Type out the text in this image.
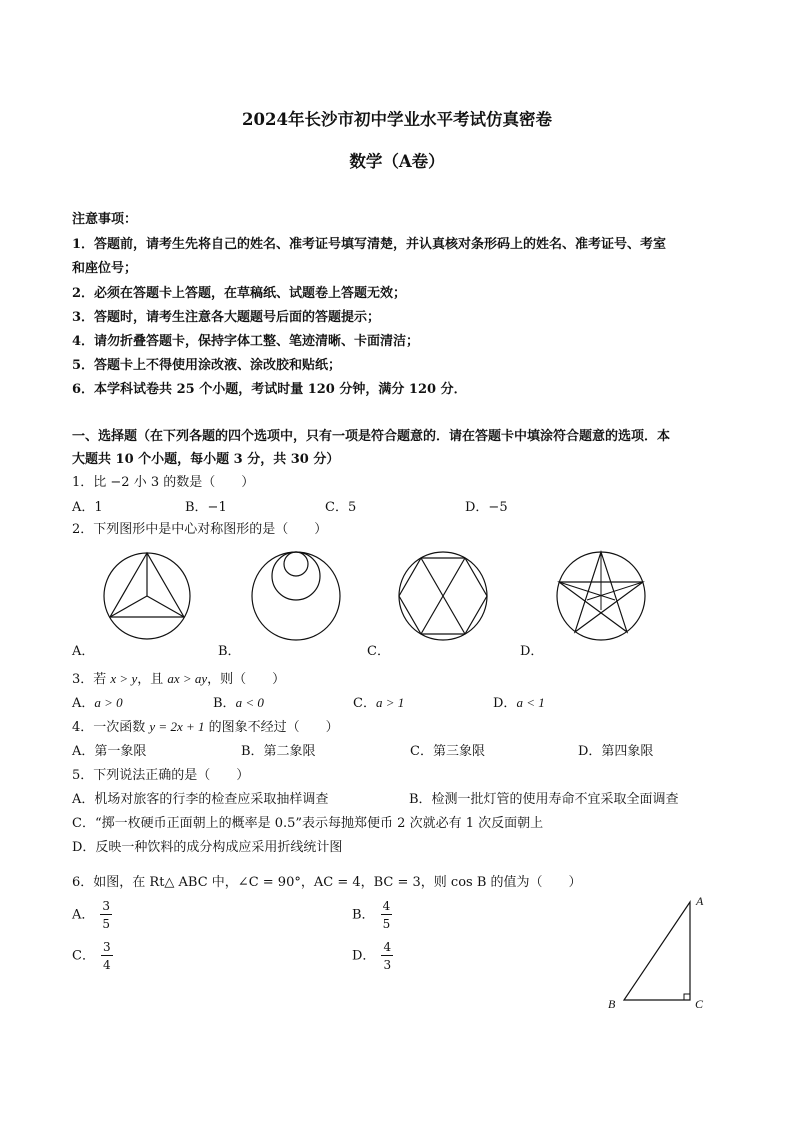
2024年长沙市初中学业水平考试仿真密卷
数学（A卷）
注意事项：
1．答题前，请考生先将自己的姓名、准考证号填写清楚，并认真核对条形码上的姓名、准考证号、考室
和座位号；
2．必须在答题卡上答题，在草稿纸、试题卷上答题无效；
3．答题时，请考生注意各大题题号后面的答题提示；
4．请勿折叠答题卡，保持字体工整、笔迹清晰、卡面清洁；
5．答题卡上不得使用涂改液、涂改胶和贴纸；
6．本学科试卷共 25 个小题，考试时量 120 分钟，满分 120 分．
一、选择题（在下列各题的四个选项中，只有一项是符合题意的．请在答题卡中填涂符合题意的选项．本
大题共 10 个小题，每小题 3 分，共 30 分）
1．比 −2 小 3 的数是（　　）
A．1	B．−1	C．5	D．−5
2．下列图形中是中心对称图形的是（　　）
A．	B．	C．	D．
3．若 x > y，且 ax > ay，则（　　）
A．a > 0	B．a < 0	C．a > 1	D．a < 1
4．一次函数 y = 2x + 1 的图象不经过（　　）
A．第一象限	B．第二象限	C．第三象限	D．第四象限
5．下列说法正确的是（　　）
A．机场对旅客的行李的检查应采取抽样调查	B．检测一批灯管的使用寿命不宜采取全面调查
C．“掷一枚硬币正面朝上的概率是 0.5”表示每抛郑便币 2 次就必有 1 次反面朝上
D．反映一种饮料的成分构成应采用折线统计图
6．如图，在 Rt△ ABC 中，∠C = 90°，AC = 4，BC = 3，则 cos B 的值为（　　）
A． $\frac{3}{5}$	B． $\frac{4}{5}$
C． $\frac{3}{4}$	D． $\frac{4}{3}$
A
B	C
